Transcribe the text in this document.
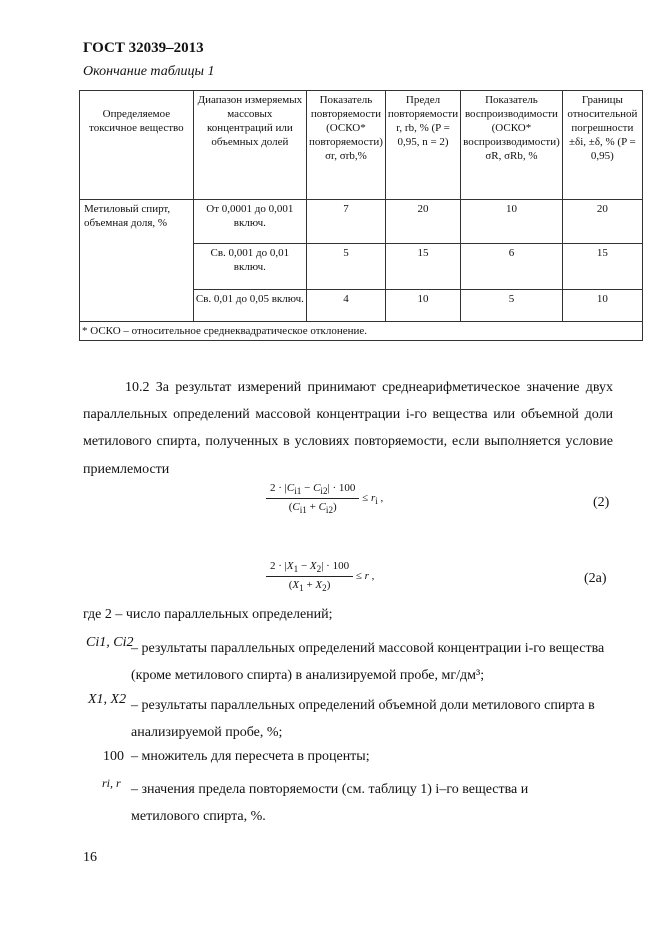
ГОСТ 32039–2013
Окончание таблицы 1
Определяемое токсичное вещество	Диапазон измеряемых массовых концентраций или объемных долей	Показатель повторяемости (ОСКО* повторяемости) σr, σrb,%	Предел повторяемости r, rb, % (P = 0,95, n = 2)	Показатель воспроизводимости (ОСКО* воспроизводимости) σR, σRb, %	Границы относительной погрешности ±δi, ±δ, % (P = 0,95)
Метиловый спирт, объемная доля, %	От 0,0001 до 0,001 включ.	7	20	10	20
	Св. 0,001 до 0,01 включ.	5	15	6	15
	Св. 0,01 до 0,05 включ.	4	10	5	10
* ОСКО – относительное среднеквадратическое отклонение.					

10.2 За результат измерений принимают среднеарифметическое значение двух параллельных определений массовой концентрации i-го вещества или объемной доли метилового спирта, полученных в условиях повторяемости, если выполняется условие приемлемости

$\frac{2 \cdot |C_{i1} - C_{i2}| \cdot 100}{(C_{i1} + C_{i2})} \le r_i$ ,	(2)
$\frac{2 \cdot |X_1 - X_2| \cdot 100}{(X_1 + X_2)} \le r$ ,	(2а)
где 2 – число параллельных определений;
Ci1, Ci2
– результаты параллельных определений массовой концентрации i-го вещества (кроме метилового спирта) в анализируемой пробе, мг/дм³;
X1, X2 – результаты параллельных определений объемной доли метилового спирта в анализируемой пробе, %;
100 – множитель для пересчета в проценты;
ri, r – значения предела повторяемости (см. таблицу 1) i–го вещества и метилового спирта, %.
16
